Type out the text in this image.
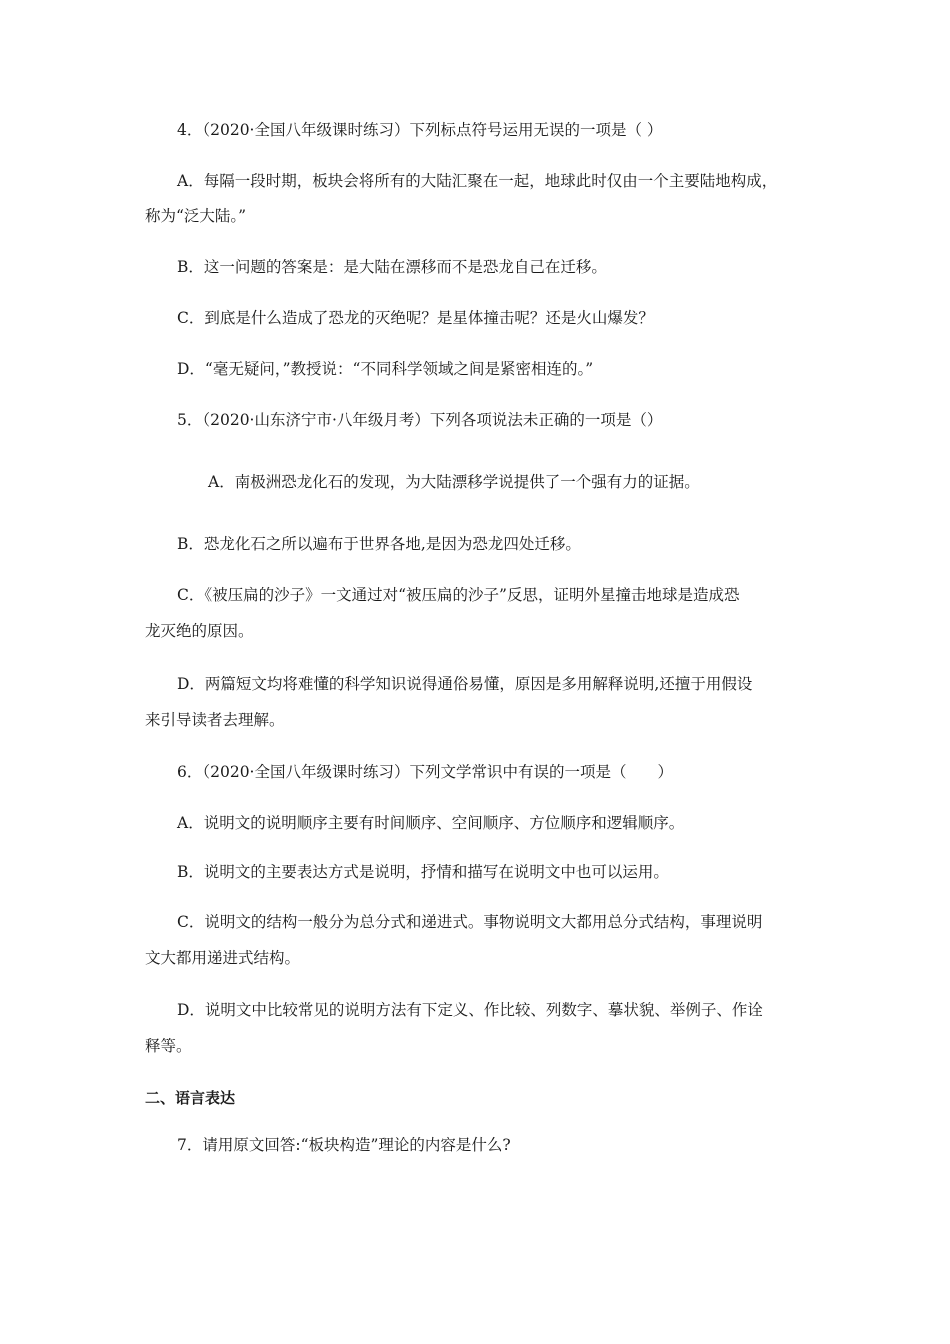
4．（2020·全国八年级课时练习）下列标点符号运用无误的一项是（ ）
A．每隔一段时期，板块会将所有的大陆汇聚在一起，地球此时仅由一个主要陆地构成，
称为“泛大陆。”
B．这一问题的答案是：是大陆在漂移而不是恐龙自己在迁移。
C．到底是什么造成了恐龙的灭绝呢？是星体撞击呢？还是火山爆发？
D．“毫无疑问，”教授说：“不同科学领域之间是紧密相连的。”
5．（2020·山东济宁市·八年级月考）下列各项说法未正确的一项是（）
A．南极洲恐龙化石的发现，为大陆漂移学说提供了一个强有力的证据。
B．恐龙化石之所以遍布于世界各地,是因为恐龙四处迁移。
C．《被压扁的沙子》一文通过对“被压扁的沙子”反思，证明外星撞击地球是造成恐
龙灭绝的原因。
D．两篇短文均将难懂的科学知识说得通俗易懂，原因是多用解释说明,还擅于用假设
来引导读者去理解。
6．（2020·全国八年级课时练习）下列文学常识中有误的一项是（　　）
A．说明文的说明顺序主要有时间顺序、空间顺序、方位顺序和逻辑顺序。
B．说明文的主要表达方式是说明，抒情和描写在说明文中也可以运用。
C．说明文的结构一般分为总分式和递进式。事物说明文大都用总分式结构，事理说明
文大都用递进式结构。
D．说明文中比较常见的说明方法有下定义、作比较、列数字、摹状貌、举例子、作诠
释等。
二、语言表达
7．请用原文回答:“板块构造”理论的内容是什么?
